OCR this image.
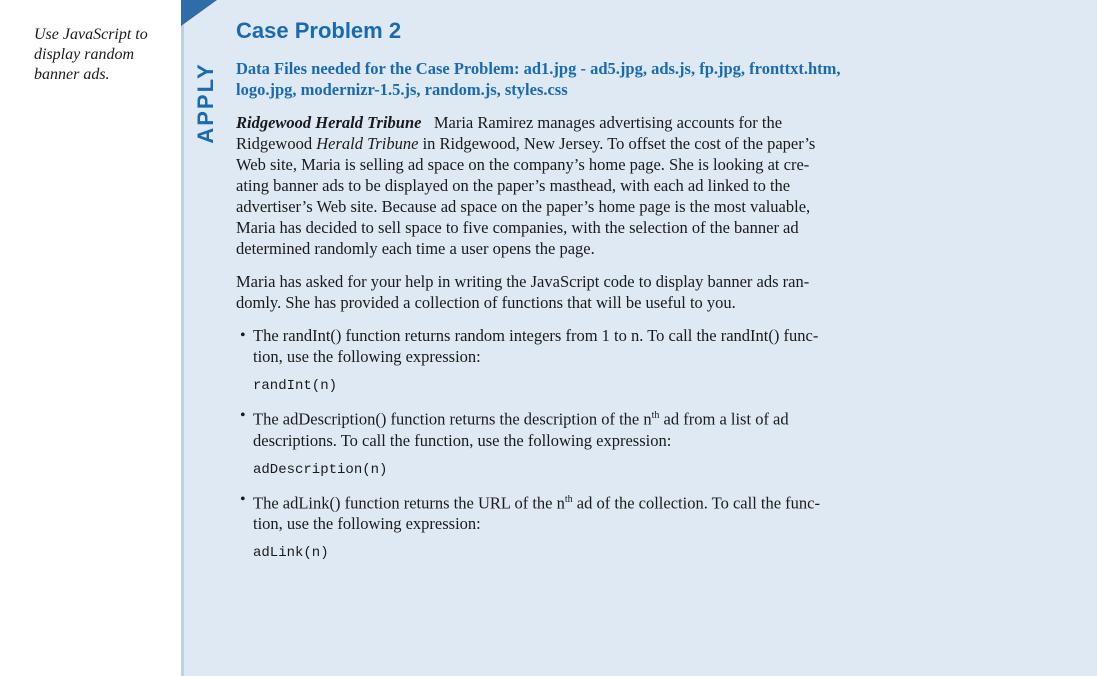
Use JavaScript to
display random
banner ads.	APPLY
Case Problem 2
Data Files needed for the Case Problem: ad1.jpg - ad5.jpg, ads.js, fp.jpg, fronttxt.htm,
logo.jpg, modernizr-1.5.js, random.js, styles.css

Ridgewood Herald Tribune Maria Ramirez manages advertising accounts for the
Ridgewood Herald Tribune in Ridgewood, New Jersey. To offset the cost of the paper’s
Web site, Maria is selling ad space on the company’s home page. She is looking at cre-
ating banner ads to be displayed on the paper’s masthead, with each ad linked to the
advertiser’s Web site. Because ad space on the paper’s home page is the most valuable,
Maria has decided to sell space to five companies, with the selection of the banner ad
determined randomly each time a user opens the page.

Maria has asked for your help in writing the JavaScript code to display banner ads ran-
domly. She has provided a collection of functions that will be useful to you.

• The randInt() function returns random integers from 1 to n. To call the randInt() func-
tion, use the following expression:
randInt(n)
• The adDescription() function returns the description of the $n^{th}$ ad from a list of ad
descriptions. To call the function, use the following expression:
adDescription(n)
• The adLink() function returns the URL of the $n^{th}$ ad of the collection. To call the func-
tion, use the following expression:
adLink(n)
